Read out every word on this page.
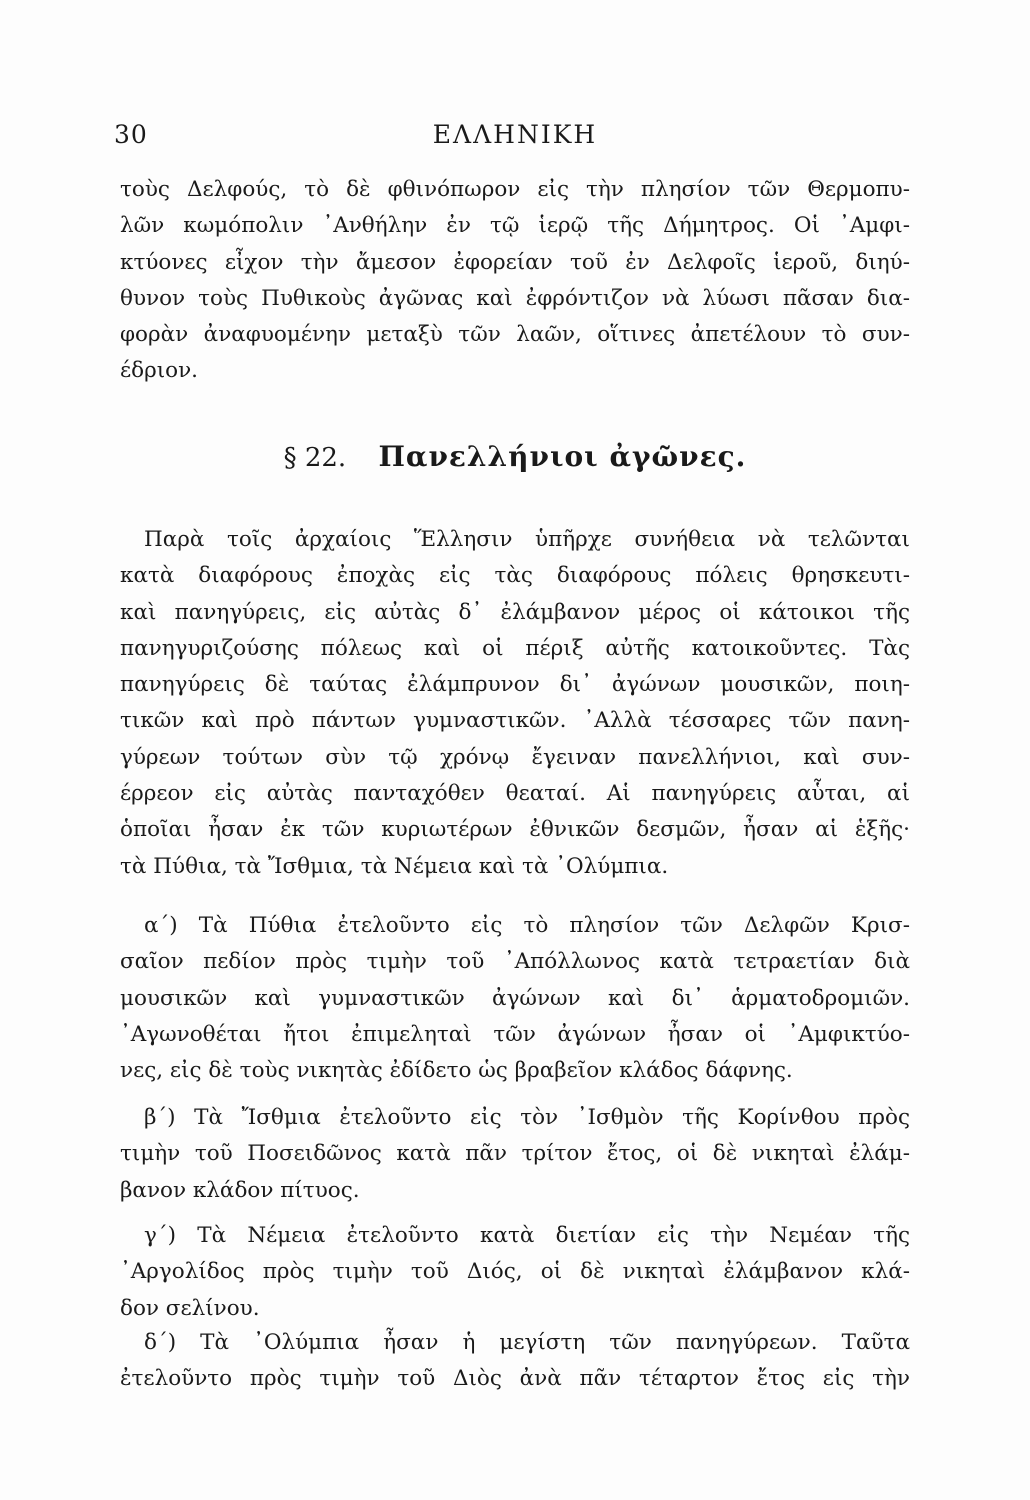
30	ΕΛΛΗΝΙΚΗ
τοὺς Δελφούς, τὸ δὲ φθινόπωρον εἰς τὴν πλησίον τῶν Θερμοπυ-
λῶν κωμόπολιν ᾿Ανθήλην ἐν τῷ ἱερῷ τῆς Δήμητρος. Οἱ ᾿Αμφι-
κτύονες εἶχον τὴν ἄμεσον ἐφορείαν τοῦ ἐν Δελφοῖς ἱεροῦ, διηύ-
θυνον τοὺς Πυθικοὺς ἀγῶνας καὶ ἐφρόντιζον νὰ λύωσι πᾶσαν δια-
φορὰν ἀναφυομένην μεταξὺ τῶν λαῶν, οἵτινες ἀπετέλουν τὸ συν-
έδριον.
§ 22. Πανελλήνιοι ἀγῶνες.
Παρὰ τοῖς ἀρχαίοις Ἕλλησιν ὑπῆρχε συνήθεια νὰ τελῶνται
κατὰ διαφόρους ἐποχὰς εἰς τὰς διαφόρους πόλεις θρησκευτι-
καὶ πανηγύρεις, εἰς αὐτὰς δ᾿ ἐλάμβανον μέρος οἱ κάτοικοι τῆς
πανηγυριζούσης πόλεως καὶ οἱ πέριξ αὐτῆς κατοικοῦντες. Τὰς
πανηγύρεις δὲ ταύτας ἐλάμπρυνον δι᾿ ἀγώνων μουσικῶν, ποιη-
τικῶν καὶ πρὸ πάντων γυμναστικῶν. ᾿Αλλὰ τέσσαρες τῶν πανη-
γύρεων τούτων σὺν τῷ χρόνῳ ἔγειναν πανελλήνιοι, καὶ συν-
έρρεον εἰς αὐτὰς πανταχόθεν θεαταί. Αἱ πανηγύρεις αὗται, αἱ
ὁποῖαι ἦσαν ἐκ τῶν κυριωτέρων ἐθνικῶν δεσμῶν, ἦσαν αἱ ἑξῆς·
τὰ Πύθια, τὰ Ἴσθμια, τὰ Νέμεια καὶ τὰ ᾿Ολύμπια.
α΄) Τὰ Πύθια ἐτελοῦντο εἰς τὸ πλησίον τῶν Δελφῶν Κρισ-
σαῖον πεδίον πρὸς τιμὴν τοῦ ᾿Απόλλωνος κατὰ τετραετίαν διὰ
μουσικῶν καὶ γυμναστικῶν ἀγώνων καὶ δι᾿ ἁρματοδρομιῶν.
᾿Αγωνοθέται ἤτοι ἐπιμεληταὶ τῶν ἀγώνων ἦσαν οἱ ᾿Αμφικτύο-
νες, εἰς δὲ τοὺς νικητὰς ἐδίδετο ὡς βραβεῖον κλάδος δάφνης.
β΄) Τὰ Ἴσθμια ἐτελοῦντο εἰς τὸν ᾿Ισθμὸν τῆς Κορίνθου πρὸς
τιμὴν τοῦ Ποσειδῶνος κατὰ πᾶν τρίτον ἔτος, οἱ δὲ νικηταὶ ἐλάμ-
βανον κλάδον πίτυος.
γ΄) Τὰ Νέμεια ἐτελοῦντο κατὰ διετίαν εἰς τὴν Νεμέαν τῆς
᾿Αργολίδος πρὸς τιμὴν τοῦ Διός, οἱ δὲ νικηταὶ ἐλάμβανον κλά-
δον σελίνου.
δ΄) Τὰ ᾿Ολύμπια ἦσαν ἡ μεγίστη τῶν πανηγύρεων. Ταῦτα
ἐτελοῦντο πρὸς τιμὴν τοῦ Διὸς ἀνὰ πᾶν τέταρτον ἔτος εἰς τὴν
